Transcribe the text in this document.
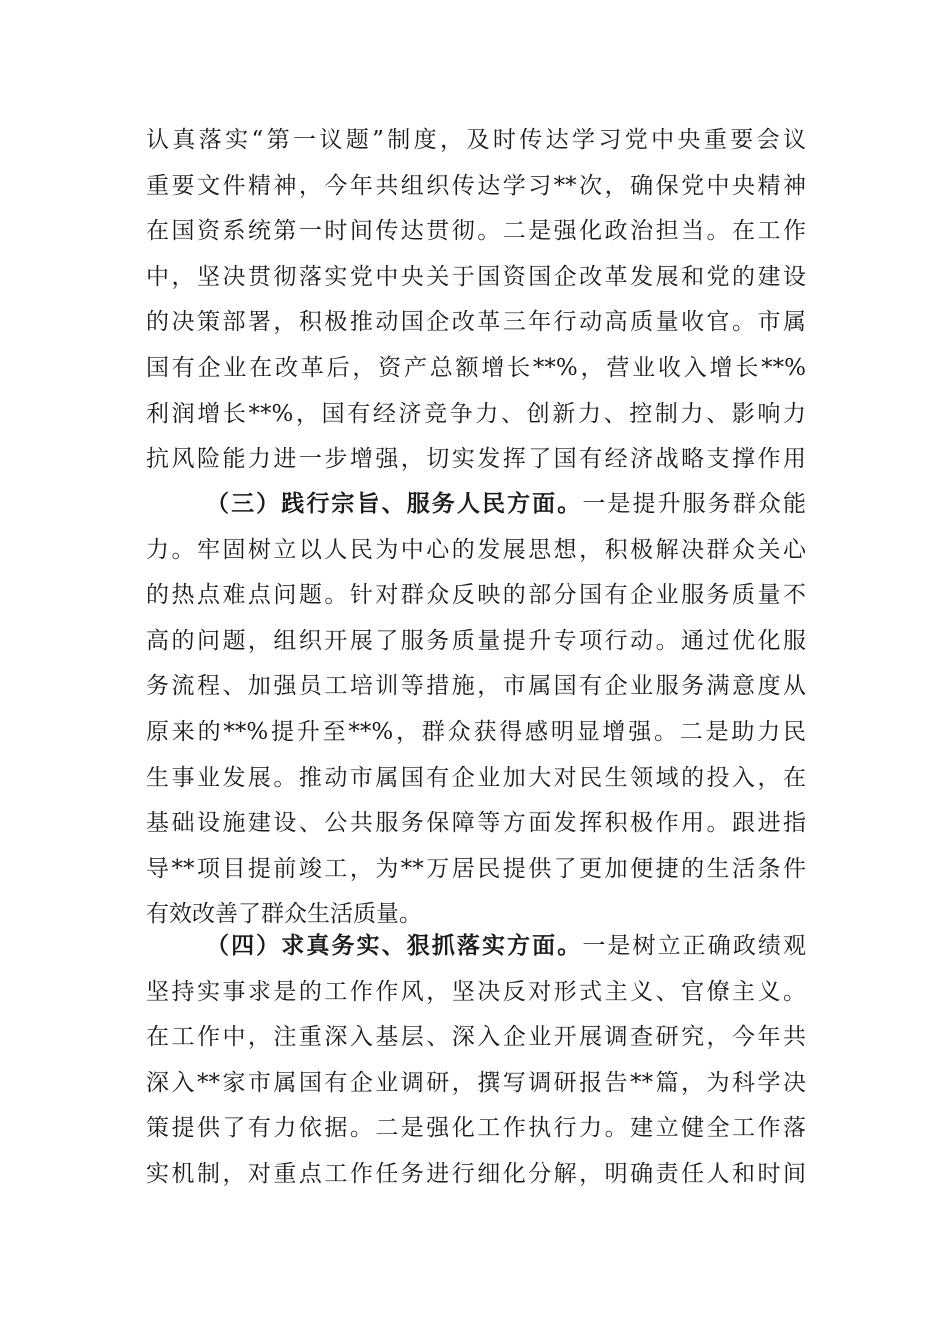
认真落实“第一议题”制度，及时传达学习党中央重要会议
重要文件精神，今年共组织传达学习**次，确保党中央精神
在国资系统第一时间传达贯彻。二是强化政治担当。在工作
中，坚决贯彻落实党中央关于国资国企改革发展和党的建设
的决策部署，积极推动国企改革三年行动高质量收官。市属
国有企业在改革后，资产总额增长**%，营业收入增长**%
利润增长**%，国有经济竞争力、创新力、控制力、影响力
抗风险能力进一步增强，切实发挥了国有经济战略支撑作用
（三）践行宗旨、服务人民方面。一是提升服务群众能
力。牢固树立以人民为中心的发展思想，积极解决群众关心
的热点难点问题。针对群众反映的部分国有企业服务质量不
高的问题，组织开展了服务质量提升专项行动。通过优化服
务流程、加强员工培训等措施，市属国有企业服务满意度从
原来的**%提升至**%，群众获得感明显增强。二是助力民
生事业发展。推动市属国有企业加大对民生领域的投入，在
基础设施建设、公共服务保障等方面发挥积极作用。跟进指
导**项目提前竣工，为**万居民提供了更加便捷的生活条件
有效改善了群众生活质量。
（四）求真务实、狠抓落实方面。一是树立正确政绩观
坚持实事求是的工作作风，坚决反对形式主义、官僚主义。
在工作中，注重深入基层、深入企业开展调查研究，今年共
深入**家市属国有企业调研，撰写调研报告**篇，为科学决
策提供了有力依据。二是强化工作执行力。建立健全工作落
实机制，对重点工作任务进行细化分解，明确责任人和时间
